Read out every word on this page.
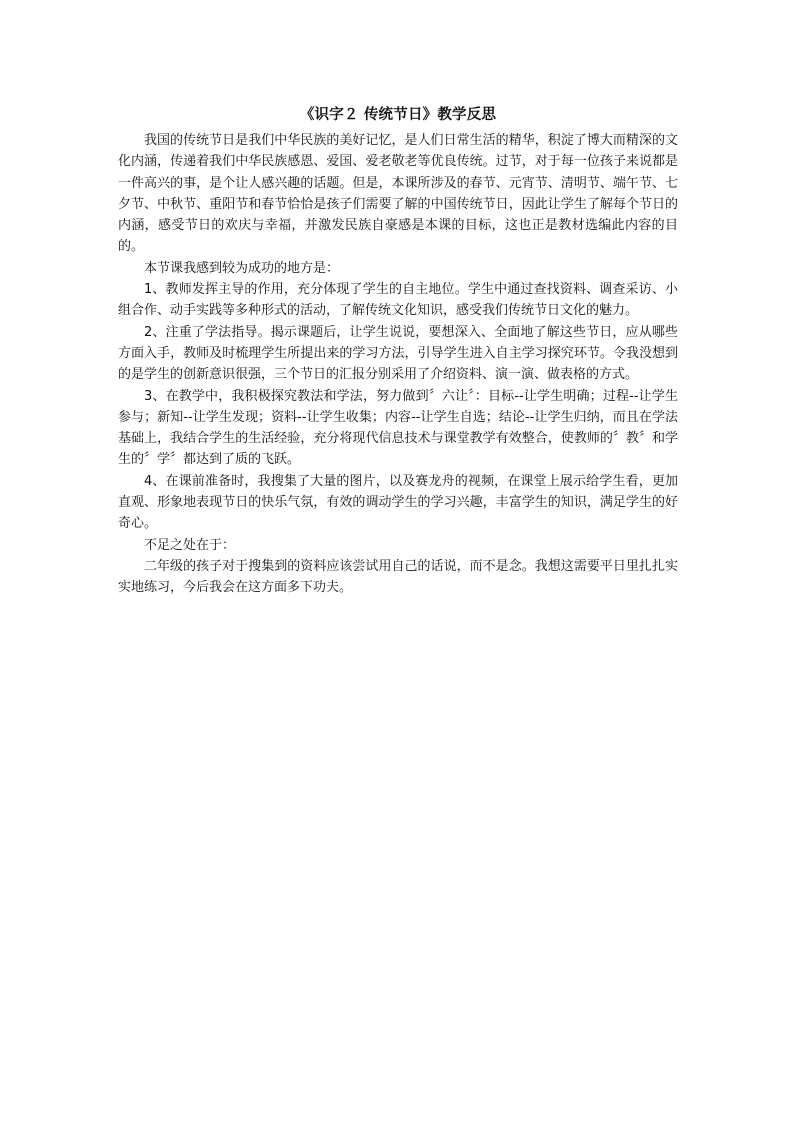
《识字２ 传统节日》教学反思

我国的传统节日是我们中华民族的美好记忆，是人们日常生活的精华，积淀了博大而精深的文化内涵，传递着我们中华民族感恩、爱国、爱老敬老等优良传统。过节，对于每一位孩子来说都是一件高兴的事，是个让人感兴趣的话题。但是，本课所涉及的春节、元宵节、清明节、端午节、七夕节、中秋节、重阳节和春节恰恰是孩子们需要了解的中国传统节日，因此让学生了解每个节日的内涵，感受节日的欢庆与幸福，并激发民族自豪感是本课的目标，这也正是教材选编此内容的目的。

本节课我感到较为成功的地方是：

1、教师发挥主导的作用，充分体现了学生的自主地位。学生中通过查找资料、调查采访、小组合作、动手实践等多种形式的活动，了解传统文化知识，感受我们传统节日文化的魅力。

2、注重了学法指导。揭示课题后，让学生说说，要想深入、全面地了解这些节日，应从哪些方面入手，教师及时梳理学生所提出来的学习方法，引导学生进入自主学习探究环节。令我没想到的是学生的创新意识很强，三个节日的汇报分别采用了介绍资料、演一演、做表格的方式。

3、在教学中，我积极探究教法和学法，努力做到〞六让〞：目标--让学生明确；过程--让学生参与；新知--让学生发现；资料--让学生收集；内容--让学生自选；结论--让学生归纳，而且在学法基础上，我结合学生的生活经验，充分将现代信息技术与课堂教学有效整合，使教师的〞教〞和学生的〞学〞都达到了质的飞跃。

4、在课前准备时，我搜集了大量的图片，以及赛龙舟的视频，在课堂上展示给学生看，更加直观、形象地表现节日的快乐气氛，有效的调动学生的学习兴趣，丰富学生的知识，满足学生的好奇心。

不足之处在于：

二年级的孩子对于搜集到的资料应该尝试用自己的话说，而不是念。我想这需要平日里扎扎实实地练习，今后我会在这方面多下功夫。
